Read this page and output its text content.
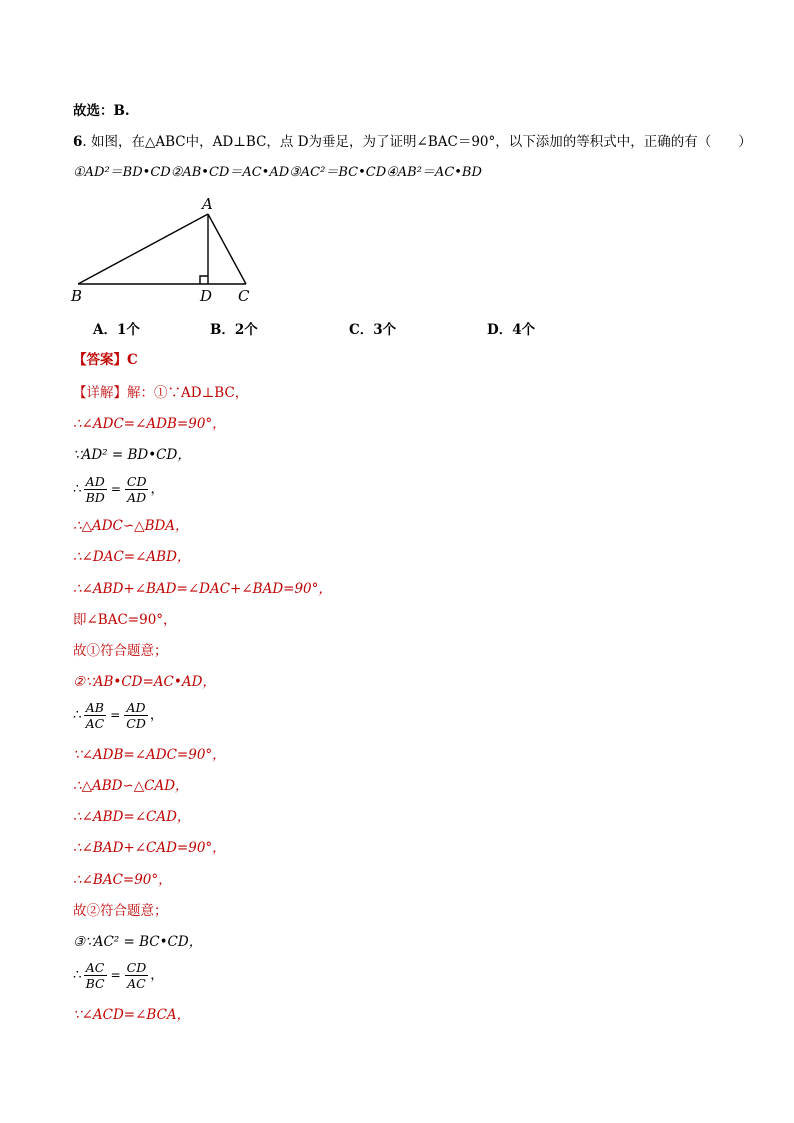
故选：B.
6. 如图，在△ABC中，AD⊥BC，点 D为垂足，为了证明∠BAC＝90°，以下添加的等积式中，正确的有（　　）
①AD²＝BD•CD②AB•CD＝AC•AD③AC²＝BC•CD④AB²＝AC•BD
A
B	D C
A．1个	B．2个	C．3个	D．4个
【答案】C
【详解】解：①∵AD⊥BC，
∴∠ADC=∠ADB=90°，
∵AD² = BD•CD，
∴ $\frac{AD}{BD} = \frac{CD}{AD}$ ，
∴△ADC∽△BDA，
∴∠DAC=∠ABD，
∴∠ABD+∠BAD=∠DAC+∠BAD=90°，
即∠BAC=90°，
故①符合题意；
②∵AB•CD=AC•AD，
∴ $\frac{AB}{AC} = \frac{AD}{CD}$ ，
∵∠ADB=∠ADC=90°，
∴△ABD∽△CAD，
∴∠ABD=∠CAD，
∴∠BAD+∠CAD=90°，
∴∠BAC=90°，
故②符合题意；
③∵AC² = BC•CD，
∴ $\frac{AC}{BC} = \frac{CD}{AC}$ ，
∵∠ACD=∠BCA，
